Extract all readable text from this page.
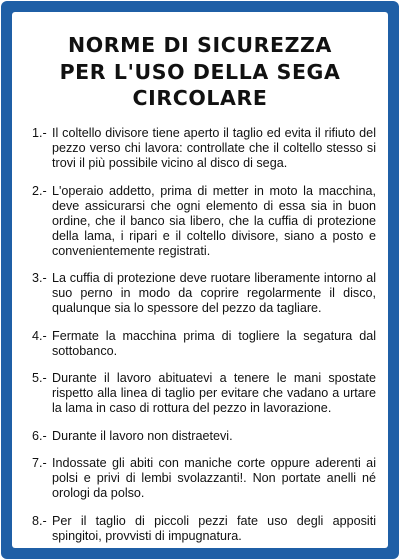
NORME DI SICUREZZA
PER L'USO DELLA SEGA
CIRCOLARE
1.- Il coltello divisore tiene aperto il taglio ed evita il rifiuto del pezzo verso chi lavora: controllate che il coltello stesso si trovi il più possibile vicino al disco di sega.
2.- L'operaio addetto, prima di metter in moto la macchina, deve assicurarsi che ogni elemento di essa sia in buon ordine, che il banco sia libero, che la cuffia di protezione della lama, i ripari e il coltello divisore, siano a posto e convenientemente registrati.
3.- La cuffia di protezione deve ruotare liberamente intorno al suo perno in modo da coprire regolarmente il disco, qualunque sia lo spessore del pezzo da tagliare.
4.- Fermate la macchina prima di togliere la segatura dal sottobanco.
5.- Durante il lavoro abituatevi a tenere le mani spostate rispetto alla linea di taglio per evitare che vadano a urtare la lama in caso di rottura del pezzo in lavorazione.
6.- Durante il lavoro non distraetevi.
7.- Indossate gli abiti con maniche corte oppure aderenti ai polsi e privi di lembi svolazzanti!. Non portate anelli né orologi da polso.
8.- Per il taglio di piccoli pezzi fate uso degli appositi spingitoi, provvisti di impugnatura.
